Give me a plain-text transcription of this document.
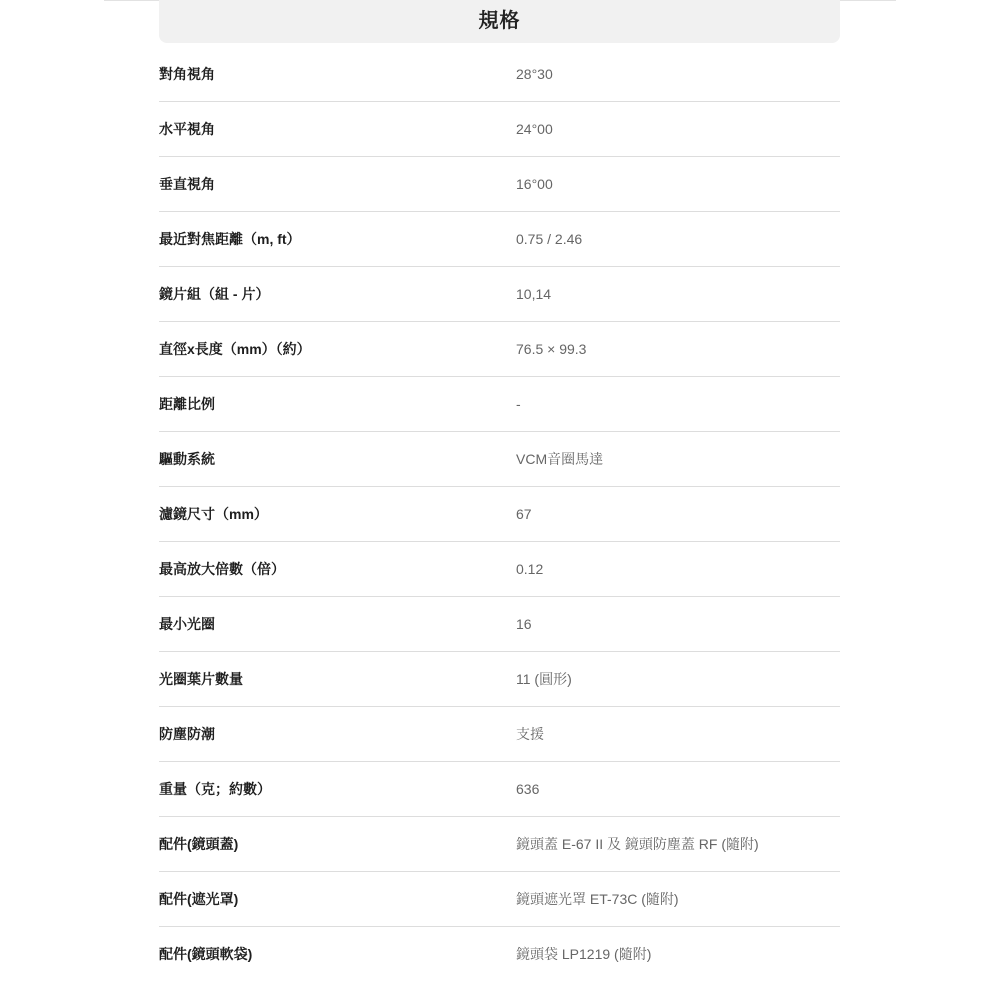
規格
對角視角	28°30
水平視角	24°00
垂直視角	16°00
最近對焦距離（m, ft）	0.75 / 2.46
鏡片組（組 - 片）	10,14
直徑x長度（mm）（約）	76.5 × 99.3
距離比例	-
驅動系統	VCM音圈馬達
濾鏡尺寸（mm）	67
最高放大倍數（倍）	0.12
最小光圈	16
光圈葉片數量	11 (圓形)
防塵防潮	支援
重量（克；約數）	636
配件(鏡頭蓋)	鏡頭蓋 E-67 II 及 鏡頭防塵蓋 RF (隨附)
配件(遮光罩)	鏡頭遮光罩 ET-73C (隨附)
配件(鏡頭軟袋)	鏡頭袋 LP1219 (隨附)
